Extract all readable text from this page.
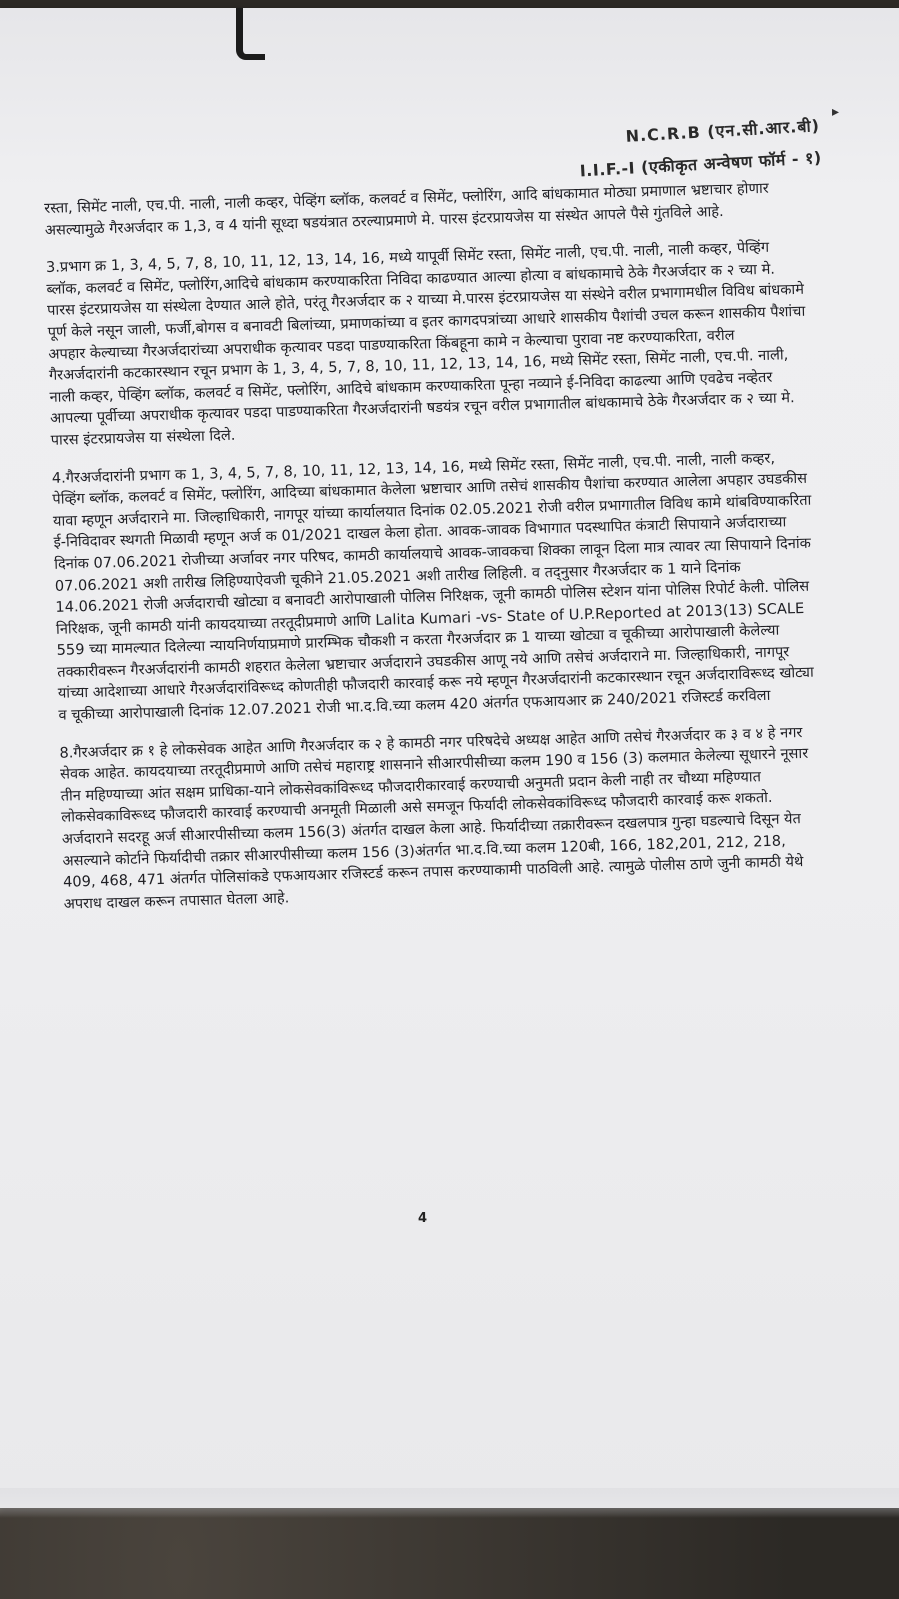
▸
N.C.R.B (एन.सी.आर.बी)
I.I.F.-I (एकीकृत अन्वेषण फॉर्म - १)

रस्ता, सिमेंट नाली, एच.पी. नाली, नाली कव्हर, पेव्हिंग ब्लॉक, कलवर्ट व सिमेंट, फ्लोरिंग, आदि बांधकामात मोठ्या प्रमाणाल भ्रष्टाचार होणार असल्यामुळे गैरअर्जदार क 1,3, व 4 यांनी सूध्दा षडयंत्रात ठरल्याप्रमाणे मे. पारस इंटरप्रायजेस या संस्थेत आपले पैसे गुंतविले आहे.

3.प्रभाग क्र 1, 3, 4, 5, 7, 8, 10, 11, 12, 13, 14, 16, मध्ये यापूर्वी सिमेंट रस्ता, सिमेंट नाली, एच.पी. नाली, नाली कव्हर, पेव्हिंग ब्लॉक, कलवर्ट व सिमेंट, फ्लोरिंग,आदिचे बांधकाम करण्याकरिता निविदा काढण्यात आल्या होत्या व बांधकामाचे ठेके गैरअर्जदार क २ च्या मे. पारस इंटरप्रायजेस या संस्थेला देण्यात आले होते, परंतू गैरअर्जदार क २ याच्या मे.पारस इंटरप्रायजेस या संस्थेने वरील प्रभागामधील विविध बांधकामे पूर्ण केले नसून जाली, फर्जी,बोगस व बनावटी बिलांच्या, प्रमाणकांच्या व इतर कागदपत्रांच्या आधारे शासकीय पैशांची उचल करून शासकीय पैशांचा अपहार केल्याच्या गैरअर्जदारांच्या अपराधीक कृत्यावर पडदा पाडण्याकरिता किंबहूना कामे न केल्याचा पुरावा नष्ट करण्याकरिता, वरील गैरअर्जदारांनी कटकारस्थान रचून प्रभाग के 1, 3, 4, 5, 7, 8, 10, 11, 12, 13, 14, 16, मध्ये सिमेंट रस्ता, सिमेंट नाली, एच.पी. नाली, नाली कव्हर, पेव्हिंग ब्लॉक, कलवर्ट व सिमेंट, फ्लोरिंग, आदिचे बांधकाम करण्याकरिता पून्हा नव्याने ई-निविदा काढल्या आणि एवढेच नव्हेतर आपल्या पूर्वीच्या अपराधीक कृत्यावर पडदा पाडण्याकरिता गैरअर्जदारांनी षडयंत्र रचून वरील प्रभागातील बांधकामाचे ठेके गैरअर्जदार क २ च्या मे. पारस इंटरप्रायजेस या संस्थेला दिले.

4.गैरअर्जदारांनी प्रभाग क 1, 3, 4, 5, 7, 8, 10, 11, 12, 13, 14, 16, मध्ये सिमेंट रस्ता, सिमेंट नाली, एच.पी. नाली, नाली कव्हर, पेव्हिंग ब्लॉक, कलवर्ट व सिमेंट, फ्लोरिंग, आदिच्या बांधकामात केलेला भ्रष्टाचार आणि तसेचं शासकीय पैशांचा करण्यात आलेला अपहार उघडकीस यावा म्हणून अर्जदाराने मा. जिल्हाधिकारी, नागपूर यांच्या कार्यालयात दिनांक 02.05.2021 रोजी वरील प्रभागातील विविध कामे थांबविण्याकरिता ई-निविदावर स्थगती मिळावी म्हणून अर्ज क 01/2021 दाखल केला होता. आवक-जावक विभागात पदस्थापित कंत्राटी सिपायाने अर्जदाराच्या दिनांक 07.06.2021 रोजीच्या अर्जावर नगर परिषद, कामठी कार्यालयाचे आवक-जावकचा शिक्का लावून दिला मात्र त्यावर त्या सिपायाने दिनांक 07.06.2021 अशी तारीख लिहिण्याऐवजी चूकीने 21.05.2021 अशी तारीख लिहिली. व तद्नुसार गैरअर्जदार क 1 याने दिनांक 14.06.2021 रोजी अर्जदाराची खोट्या व बनावटी आरोपाखाली पोलिस निरिक्षक, जूनी कामठी पोलिस स्टेशन यांना पोलिस रिपोर्ट केली. पोलिस निरिक्षक, जूनी कामठी यांनी कायदयाच्या तरतूदीप्रमाणे आणि Lalita Kumari -vs- State of U.P.Reported at 2013(13) SCALE 559 च्या मामल्यात दिलेल्या न्यायनिर्णयाप्रमाणे प्रारम्भिक चौकशी न करता गैरअर्जदार क्र 1 याच्या खोट्या व चूकीच्या आरोपाखाली केलेल्या तक्कारीवरून गैरअर्जदारांनी कामठी शहरात केलेला भ्रष्टाचार अर्जदाराने उघडकीस आणू नये आणि तसेचं अर्जदाराने मा. जिल्हाधिकारी, नागपूर यांच्या आदेशाच्या आधारे गैरअर्जदारांविरूध्द कोणतीही फौजदारी कारवाई करू नये म्हणून गैरअर्जदारांनी कटकारस्थान रचून अर्जदाराविरूध्द खोट्या व चूकीच्या आरोपाखाली दिनांक 12.07.2021 रोजी भा.द.वि.च्या कलम 420 अंतर्गत एफआयआर क्र 240/2021 रजिस्टर्ड करविला

8.गैरअर्जदार क्र १ हे लोकसेवक आहेत आणि गैरअर्जदार क २ हे कामठी नगर परिषदेचे अध्यक्ष आहेत आणि तसेचं गैरअर्जदार क ३ व ४ हे नगर सेवक आहेत. कायदयाच्या तरतूदीप्रमाणे आणि तसेचं महाराष्ट्र शासनाने सीआरपीसीच्या कलम 190 व 156 (3) कलमात केलेल्या सूधारने नूसार तीन महिण्याच्या आंत सक्षम प्राधिका-याने लोकसेवकांविरूध्द फौजदारीकारवाई करण्याची अनुमती प्रदान केली नाही तर चौथ्या महिण्यात लोकसेवकाविरूध्द फौजदारी कारवाई करण्याची अनमूती मिळाली असे समजून फिर्यादी लोकसेवकांविरूध्द फौजदारी कारवाई करू शकतो. अर्जदाराने सदरहू अर्ज सीआरपीसीच्या कलम 156(3) अंतर्गत दाखल केला आहे. फिर्यादीच्या तक्रारीवरून दखलपात्र गुन्हा घडल्याचे दिसून येत असल्याने कोर्टाने फिर्यादीची तक्रार सीआरपीसीच्या कलम 156 (3)अंतर्गत भा.द.वि.च्या कलम 120बी, 166, 182,201, 212, 218, 409, 468, 471 अंतर्गत पोलिसांकडे एफआयआर रजिस्टर्ड करून तपास करण्याकामी पाठविली आहे. त्यामुळे पोलीस ठाणे जुनी कामठी येथे अपराध दाखल करून तपासात घेतला आहे.

4
